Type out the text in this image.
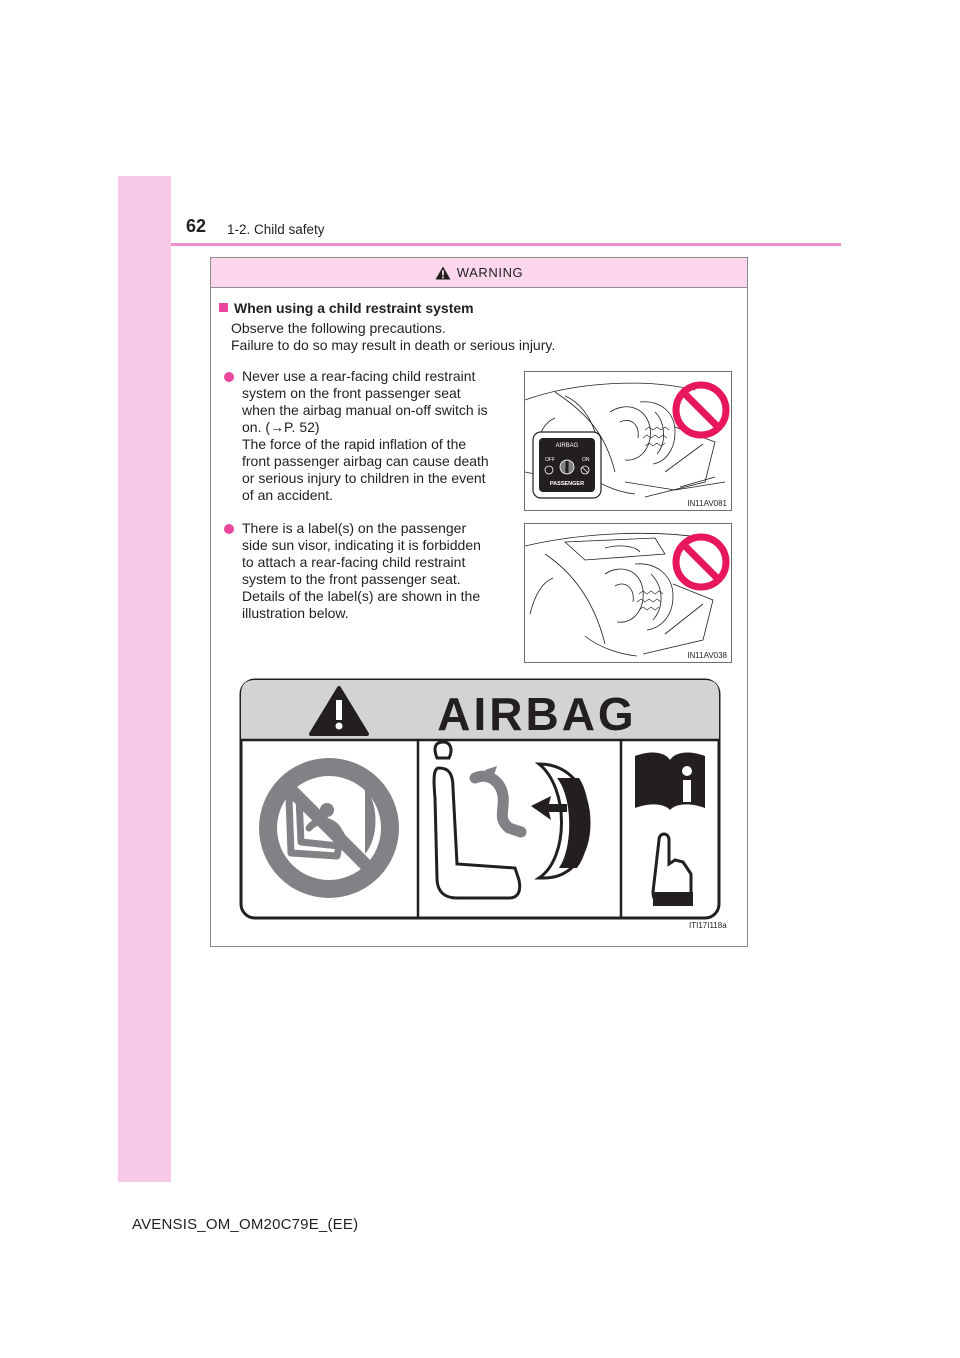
62 1-2. Child safety
WARNING
When using a child restraint system
Observe the following precautions.
Failure to do so may result in death or serious injury.
Never use a rear-facing child restraint
system on the front passenger seat
when the airbag manual on-off switch is
on. (→P. 52)
The force of the rapid inflation of the
front passenger airbag can cause death
or serious injury to children in the event
of an accident.
There is a label(s) on the passenger
side sun visor, indicating it is forbidden
to attach a rear-facing child restraint
system to the front passenger seat.
Details of the label(s) are shown in the
illustration below.
AIRBAG
OFF	ON
PASSENGER
IN11AV081
IN11AV038
AIRBAG
ITI17I118a
AVENSIS_OM_OM20C79E_(EE)
